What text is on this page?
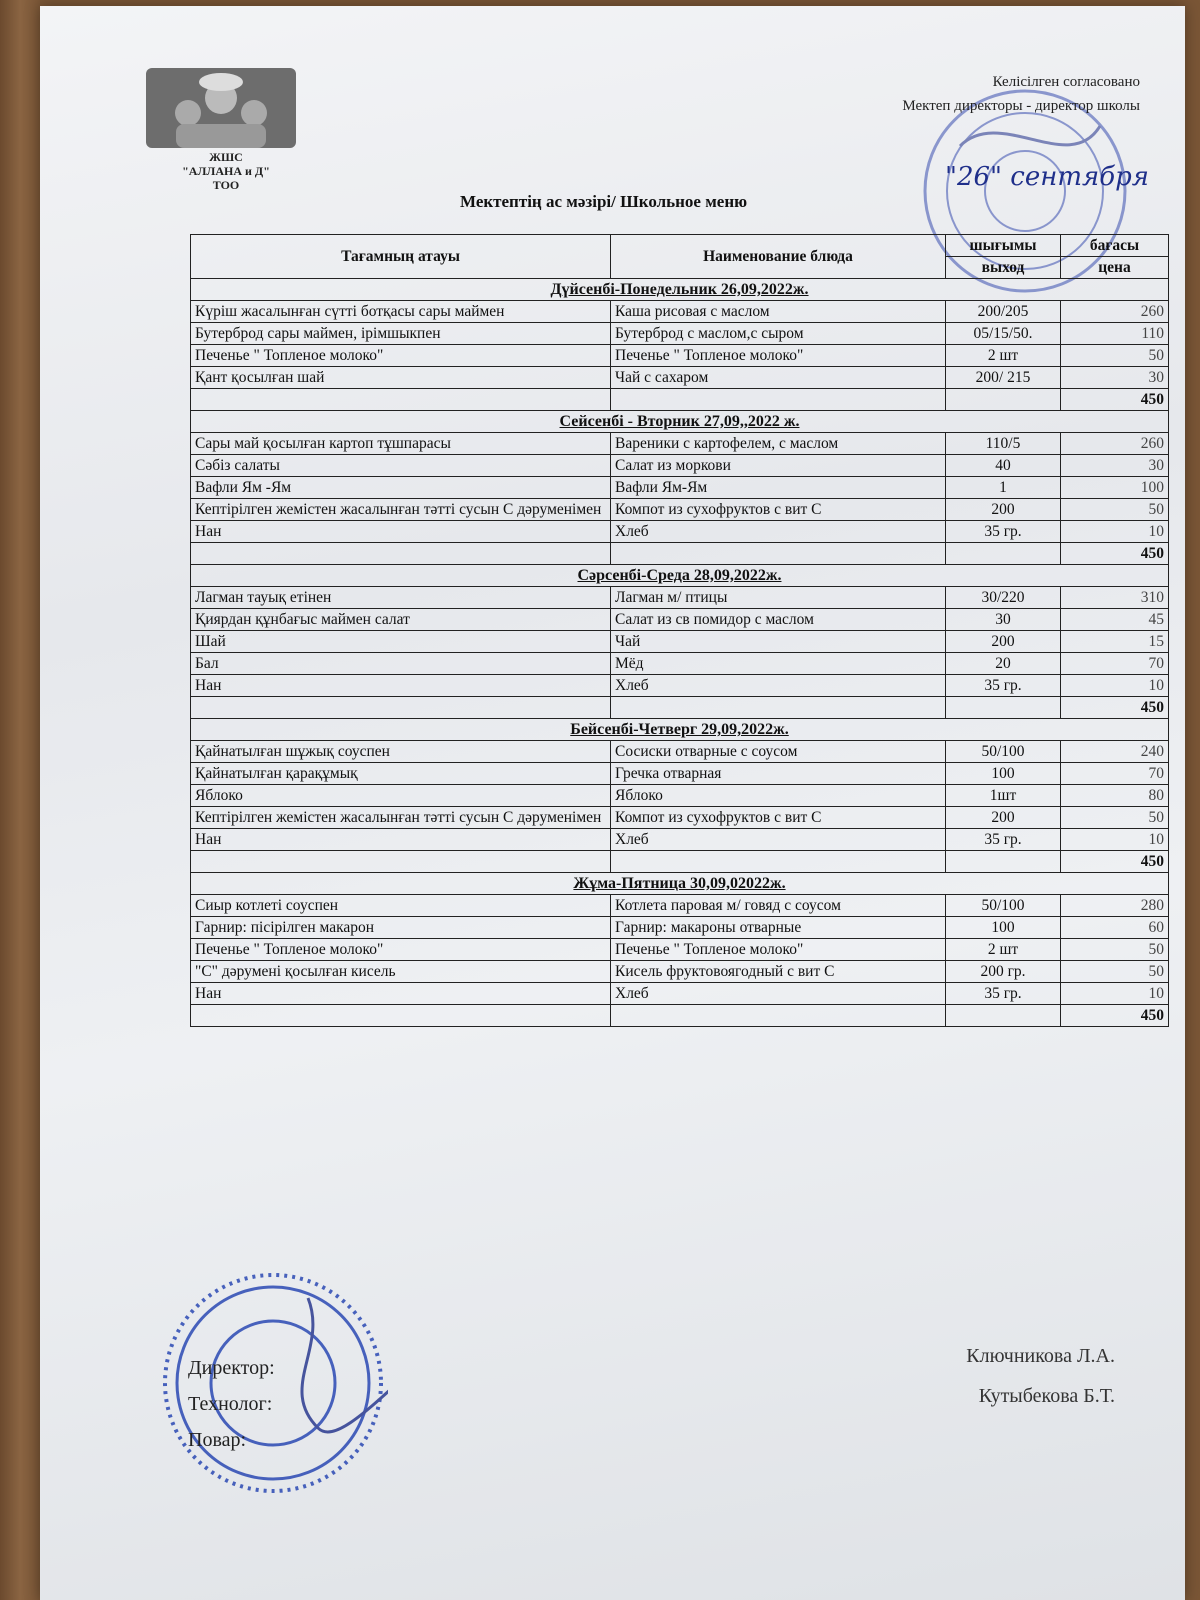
ЖШС
"АЛЛАНА и Д"
ТОО
Келісілген согласовано
Мектеп директоры - директор школы
"26" сентября
Мектептің ас мәзірі/ Школьное меню
Тағамның атауы	Наименование блюда	шығымы	бағасы
		выход	цена
Дүйсенбі-Понедельник 26,09,2022ж.			
Күріш жасалынған сүтті ботқасы сары маймен	Каша рисовая с маслом	200/205	260
Бутерброд сары маймен, ірімшыкпен	Бутерброд с маслом,с сыром	05/15/50.	110
Печенье " Топленое молоко"	Печенье " Топленое молоко"	2 шт	50
Қант қосылған шай	Чай с сахаром	200/ 215	30
			450
Сейсенбі - Вторник 27,09,,2022 ж.			
Сары май қосылған картоп тұшпарасы	Вареники с картофелем, с маслом	110/5	260
Сәбіз салаты	Салат из моркови	40	30
Вафли Ям -Ям	Вафли Ям-Ям	1	100
Кептірілген жемістен жасалынған тәтті сусын С дәруменімен	Компот из сухофруктов с вит С	200	50
Нан	Хлеб	35 гр.	10
			450
Сәрсенбі-Среда 28,09,2022ж.			
Лагман тауық етінен	Лагман м/ птицы	30/220	310
Қиярдан құнбағыс маймен салат	Салат из св помидор с маслом	30	45
Шай	Чай	200	15
Бал	Мёд	20	70
Нан	Хлеб	35 гр.	10
			450
Бейсенбі-Четверг 29,09,2022ж.			
Қайнатылған шұжық соуспен	Сосиски отварные с соусом	50/100	240
Қайнатылған қарақұмық	Гречка отварная	100	70
Яблоко	Яблоко	1шт	80
Кептірілген жемістен жасалынған тәтті сусын С дәруменімен	Компот из сухофруктов с вит С	200	50
Нан	Хлеб	35 гр.	10
			450
Жұма-Пятница 30,09,02022ж.			
Сиыр котлеті соуспен	Котлета паровая м/ говяд с соусом	50/100	280
Гарнир: пісірілген макарон	Гарнир: макароны отварные	100	60
Печенье " Топленое молоко"	Печенье " Топленое молоко"	2 шт	50
"С" дәрумені қосылған кисель	Кисель фруктовоягодный с вит С	200 гр.	50
Нан	Хлеб	35 гр.	10
			450
Директор:
Технолог:
Повар:
Ключникова Л.А.
Кутыбекова Б.Т.
